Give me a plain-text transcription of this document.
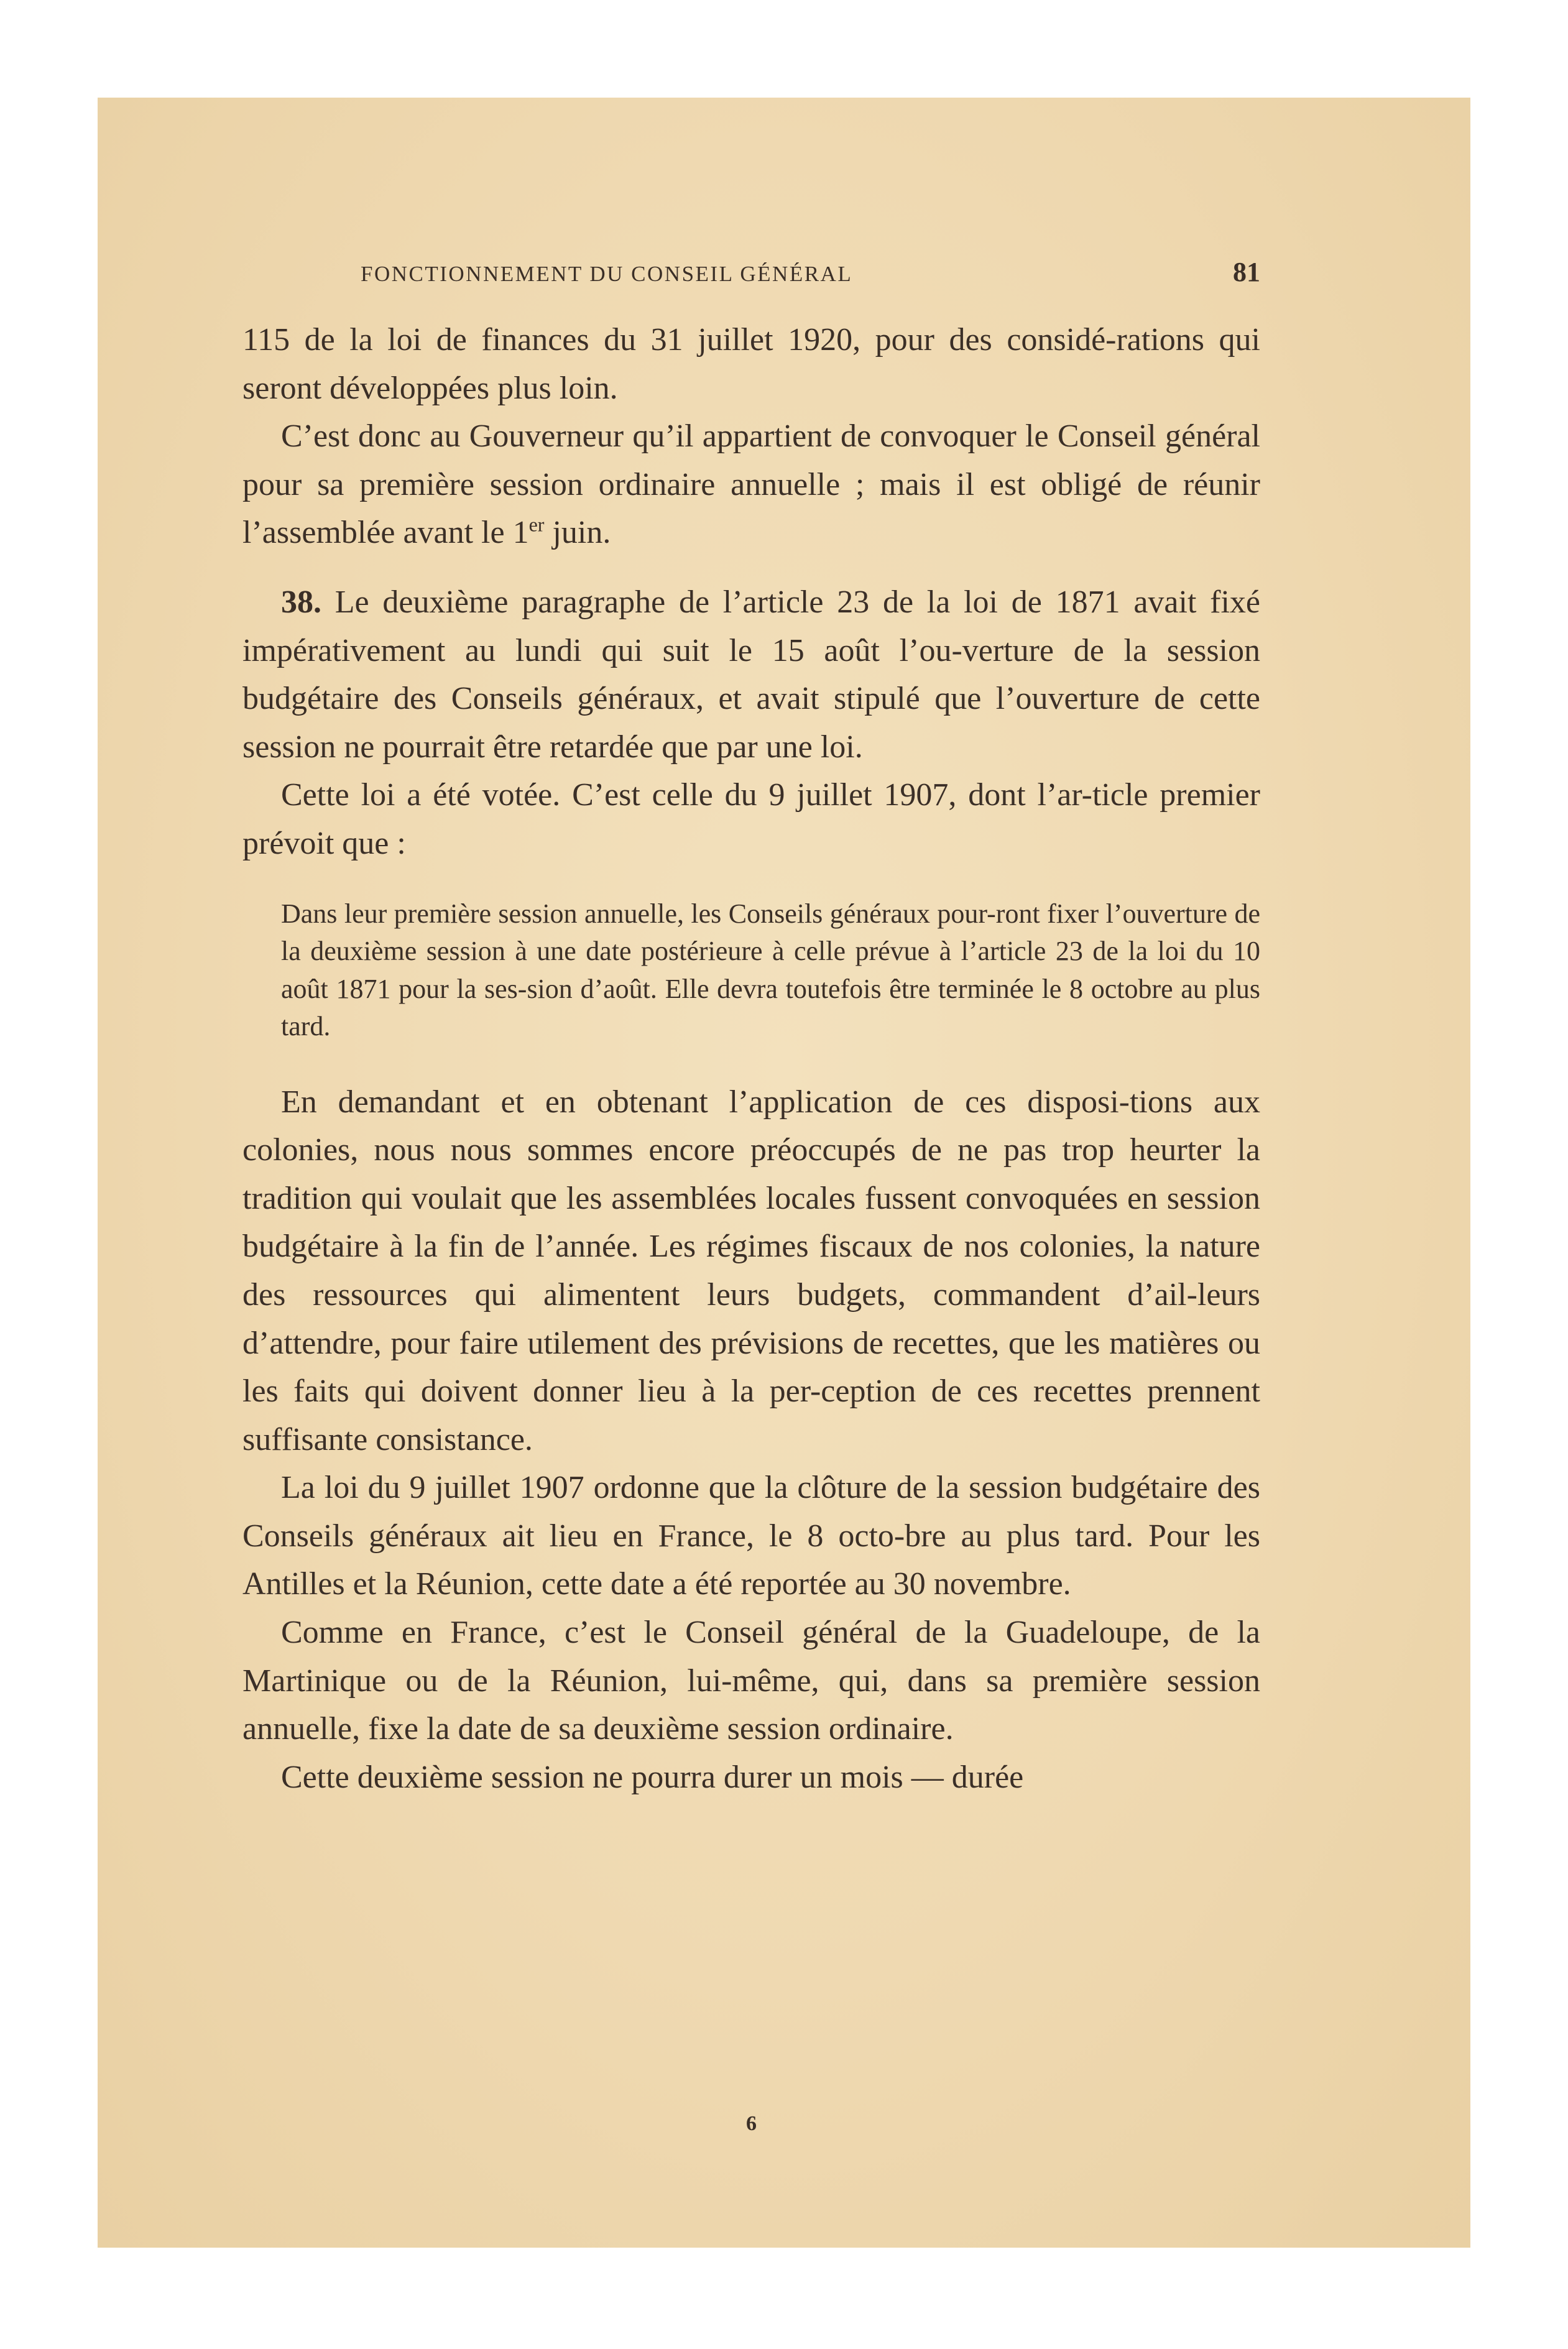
FONCTIONNEMENT DU CONSEIL GÉNÉRAL	81

115 de la loi de finances du 31 juillet 1920, pour des considé-rations qui seront développées plus loin.

C’est donc au Gouverneur qu’il appartient de convoquer le Conseil général pour sa première session ordinaire annuelle ; mais il est obligé de réunir l’assemblée avant le 1er juin.

38. Le deuxième paragraphe de l’article 23 de la loi de 1871 avait fixé impérativement au lundi qui suit le 15 août l’ou-verture de la session budgétaire des Conseils généraux, et avait stipulé que l’ouverture de cette session ne pourrait être retardée que par une loi.

Cette loi a été votée. C’est celle du 9 juillet 1907, dont l’ar-ticle premier prévoit que :

Dans leur première session annuelle, les Conseils généraux pour-ront fixer l’ouverture de la deuxième session à une date postérieure à celle prévue à l’article 23 de la loi du 10 août 1871 pour la ses-sion d’août. Elle devra toutefois être terminée le 8 octobre au plus tard.

En demandant et en obtenant l’application de ces disposi-tions aux colonies, nous nous sommes encore préoccupés de ne pas trop heurter la tradition qui voulait que les assemblées locales fussent convoquées en session budgétaire à la fin de l’année. Les régimes fiscaux de nos colonies, la nature des ressources qui alimentent leurs budgets, commandent d’ail-leurs d’attendre, pour faire utilement des prévisions de recettes, que les matières ou les faits qui doivent donner lieu à la per-ception de ces recettes prennent suffisante consistance.

La loi du 9 juillet 1907 ordonne que la clôture de la session budgétaire des Conseils généraux ait lieu en France, le 8 octo-bre au plus tard. Pour les Antilles et la Réunion, cette date a été reportée au 30 novembre.

Comme en France, c’est le Conseil général de la Guadeloupe, de la Martinique ou de la Réunion, lui-même, qui, dans sa première session annuelle, fixe la date de sa deuxième session ordinaire.

Cette deuxième session ne pourra durer un mois — durée

6
